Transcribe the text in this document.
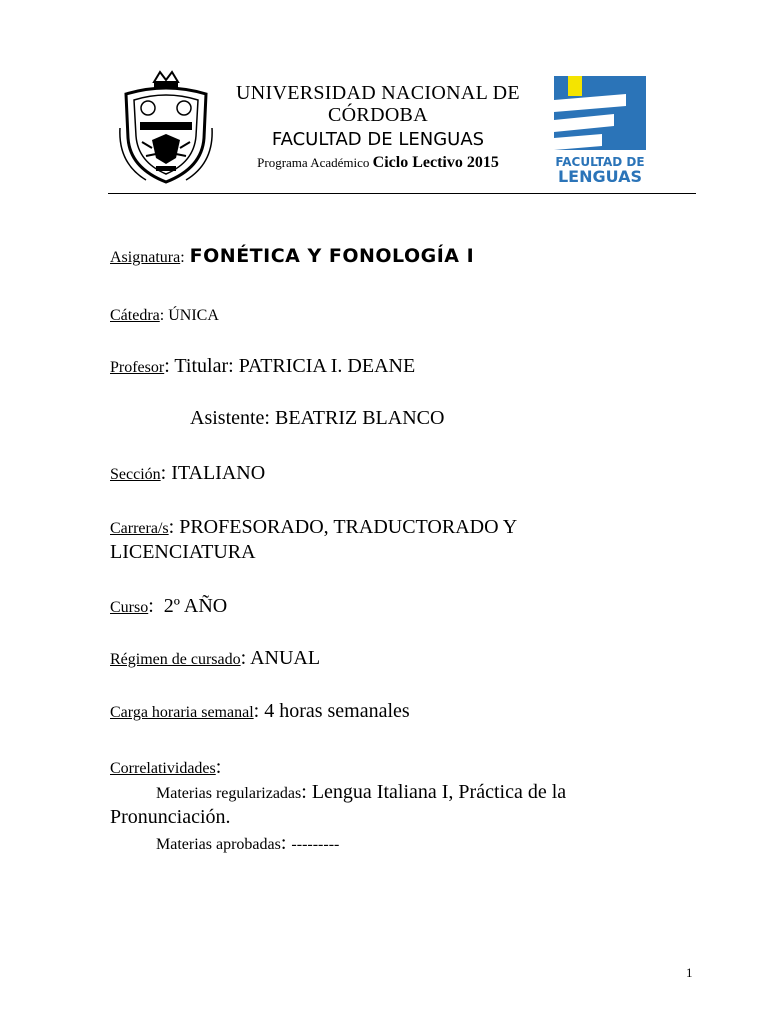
UNIVERSIDAD NACIONAL DE CÓRDOBA
FACULTAD DE LENGUAS
Programa Académico Ciclo Lectivo 2015	FACULTAD DE
LENGUAS
Asignatura: FONÉTICA Y FONOLOGÍA I
Cátedra: ÚNICA
Profesor: Titular: PATRICIA I. DEANE
Asistente: BEATRIZ BLANCO
Sección: ITALIANO
Carrera/s: PROFESORADO, TRADUCTORADO Y
LICENCIATURA
Curso:  2º AÑO
Régimen de cursado: ANUAL
Carga horaria semanal: 4 horas semanales
Correlatividades:
Materias regularizadas: Lengua Italiana I, Práctica de la
Pronunciación.
Materias aprobadas: ---------
1
